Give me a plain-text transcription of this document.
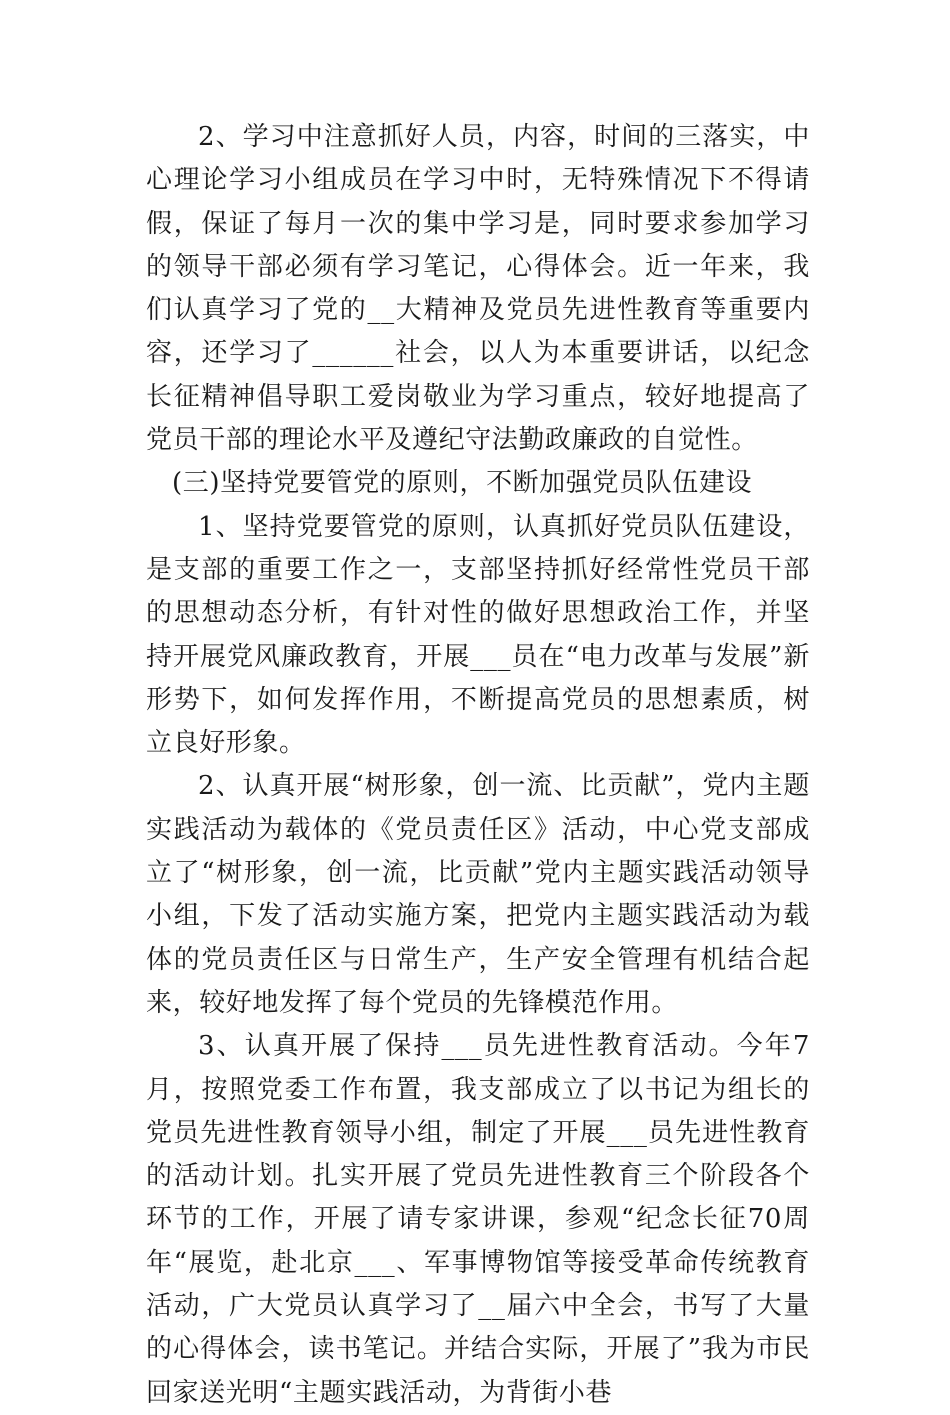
2、学习中注意抓好人员，内容，时间的三落实，中心理论学习小组成员在学习中时，无特殊情况下不得请假，保证了每月一次的集中学习是，同时要求参加学习的领导干部必须有学习笔记，心得体会。近一年来，我们认真学习了党的__大精神及党员先进性教育等重要内容，还学习了______社会，以人为本重要讲话，以纪念长征精神倡导职工爱岗敬业为学习重点，较好地提高了党员干部的理论水平及遵纪守法勤政廉政的自觉性。

(三)坚持党要管党的原则，不断加强党员队伍建设

1、坚持党要管党的原则，认真抓好党员队伍建设，是支部的重要工作之一，支部坚持抓好经常性党员干部的思想动态分析，有针对性的做好思想政治工作，并坚持开展党风廉政教育，开展___员在“电力改革与发展”新形势下，如何发挥作用，不断提高党员的思想素质，树立良好形象。

2、认真开展“树形象，创一流、比贡献”，党内主题实践活动为载体的《党员责任区》活动，中心党支部成立了“树形象，创一流，比贡献”党内主题实践活动领导小组，下发了活动实施方案，把党内主题实践活动为载体的党员责任区与日常生产，生产安全管理有机结合起来，较好地发挥了每个党员的先锋模范作用。

3、认真开展了保持___员先进性教育活动。今年7月，按照党委工作布置，我支部成立了以书记为组长的党员先进性教育领导小组，制定了开展___员先进性教育的活动计划。扎实开展了党员先进性教育三个阶段各个环节的工作，开展了请专家讲课，参观“纪念长征70周年“展览，赴北京___、军事博物馆等接受革命传统教育活动，广大党员认真学习了__届六中全会，书写了大量的心得体会，读书笔记。并结合实际，开展了”我为市民回家送光明“主题实践活动，为背街小巷
